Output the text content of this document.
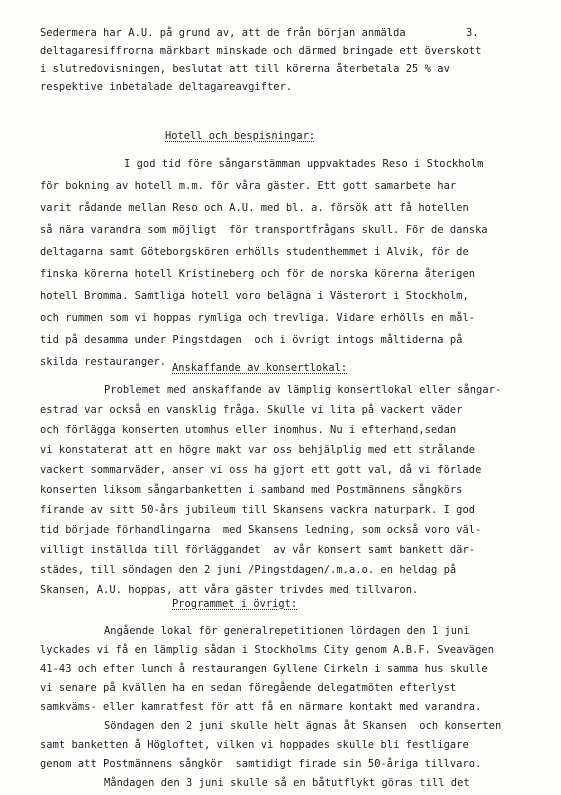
3.
Sedermera har A.U. på grund av, att de från början anmälda
deltagaresiffrorna märkbart minskade och därmed bringade ett överskott
i slutredovisningen, beslutat att till körerna återbetala 25 % av
respektive inbetalade deltagareavgifter.
Hotell och bespisningar:
I god tid före sångarstämman uppvaktades Reso i Stockholm
för bokning av hotell m.m. för våra gäster. Ett gott samarbete har
varit rådande mellan Reso och A.U. med bl. a. försök att få hotellen
så nära varandra som möjligt  för transportfrågans skull. För de danska
deltagarna samt Göteborgskören erhölls studenthemmet i Alvik, för de
finska körerna hotell Kristineberg och för de norska körerna återigen
hotell Bromma. Samtliga hotell voro belägna i Västerort i Stockholm,
och rummen som vi hoppas rymliga och trevliga. Vidare erhölls en mål-
tid på desamma under Pingstdagen  och i övrigt intogs måltiderna på
skilda restauranger. Anskaffande av konsertlokal:
Problemet med anskaffande av lämplig konsertlokal eller sångar-
estrad var också en vansklig fråga. Skulle vi lita på vackert väder
och förlägga konserten utomhus eller inomhus. Nu i efterhand,sedan
vi konstaterat att en högre makt var oss behjälplig med ett strålande
vackert sommarväder, anser vi oss ha gjort ett gott val, då vi förlade
konserten liksom sångarbanketten i samband med Postmännens sångkörs
firande av sitt 50-års jubileum till Skansens vackra naturpark. I god
tid började förhandlingarna  med Skansens ledning, som också voro väl-
villigt inställda till förläggandet  av vår konsert samt bankett där-
städes, till söndagen den 2 juni /Pingstdagen/.m.a.o. en heldag på
Skansen, A.U. hoppas, att våra gäster trivdes med tillvaron.
Programmet i övrigt:
Angående lokal för generalrepetitionen lördagen den 1 juni
lyckades vi få en lämplig sådan i Stockholms City genom A.B.F. Sveavägen
41-43 och efter lunch å restaurangen Gyllene Cirkeln i samma hus skulle
vi senare på kvällen ha en sedan föregående delegatmöten efterlyst
samkväms- eller kamratfest för att få en närmare kontakt med varandra.
Söndagen den 2 juni skulle helt ägnas åt Skansen  och konserten
samt banketten å Högloftet, vilken vi hoppades skulle bli festligare
genom att Postmännens sångkör  samtidigt firade sin 50-åriga tillvaro.
Måndagen den 3 juni skulle så en båtutflykt göras till det
